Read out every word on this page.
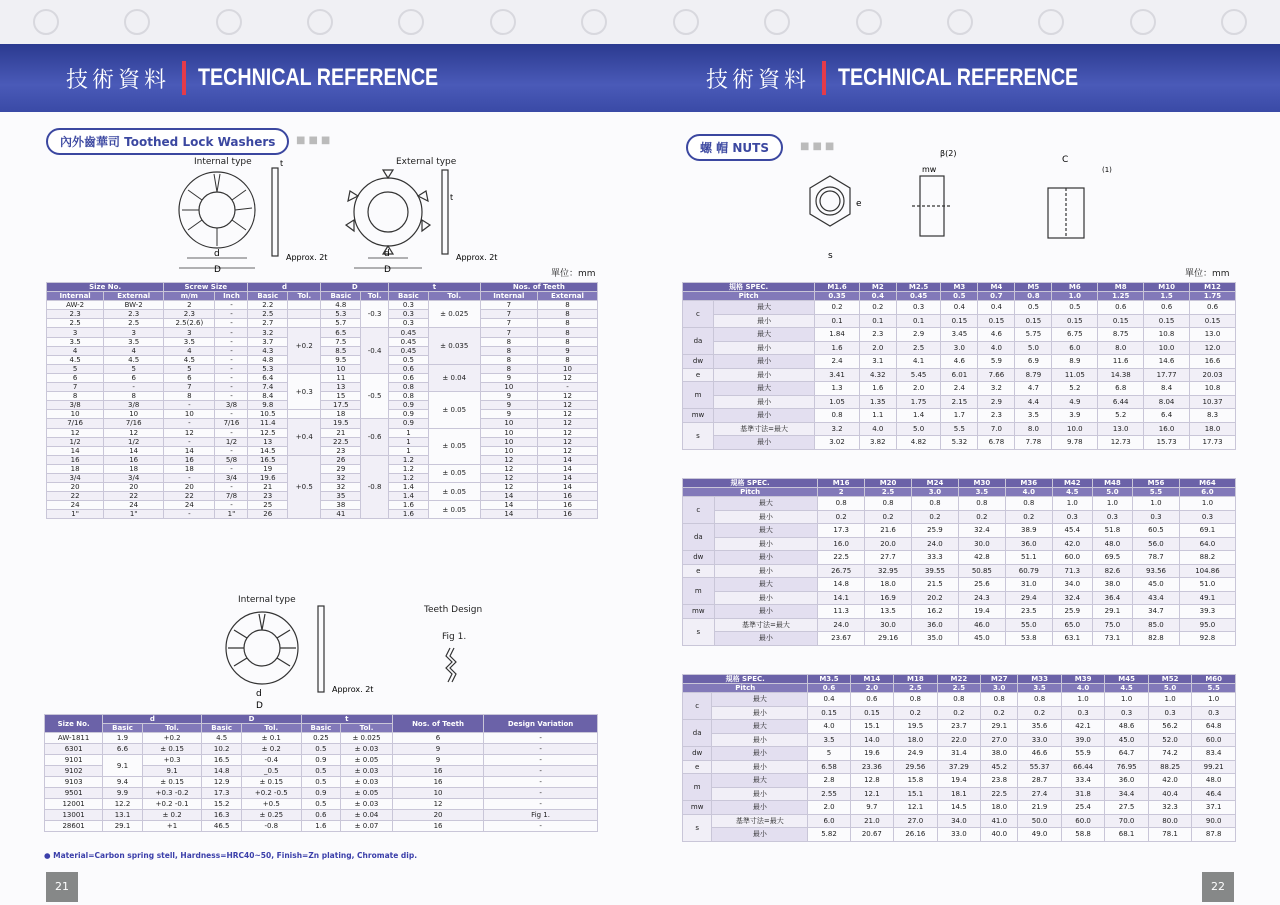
技術資料 TECHNICAL REFERENCE
內外齒華司 Toothed Lock Washers	■■■
Internal type	External type
d
D
d
D
t
t
Approx. 2t	Approx. 2t
單位：mm
Size No.		Screw Size		d		D		t		Nos. of Teeth	
Internal	External	m/m	Inch	Basic	Tol.	Basic	Tol.	Basic	Tol.	Internal	External
AW-2	BW-2	2	-	2.2		4.8	-0.3	0.3	± 0.025	7	8
2.3	2.3	2.3	-	2.5		5.3		0.3		7	8
2.5	2.5	2.5(2.6)	-	2.7		5.7		0.3		7	8
3	3	3	-	3.2	+0.2	6.5	-0.4	0.45	± 0.035	7	8
3.5	3.5	3.5	-	3.7		7.5		0.45		8	8
4	4	4	-	4.3		8.5		0.45		8	9
4.5	4.5	4.5	-	4.8		9.5		0.5		8	8
5	5	5	-	5.3		10		0.6	± 0.04	8	10
6	6	6	-	6.4	+0.3	11	-0.5	0.6		9	12
7	-	7	-	7.4		13		0.8		10	-
8	8	8	-	8.4		15		0.8	± 0.05	9	12
3/8	3/8	-	3/8	9.8		17.5		0.9		9	12
10	10	10	-	10.5		18		0.9		9	12
7/16	7/16	-	7/16	11.4	+0.4	19.5	-0.6	0.9		10	12
12	12	12	-	12.5		21		1	± 0.05	10	12
1/2	1/2	-	1/2	13		22.5		1		10	12
14	14	14	-	14.5		23		1		10	12
16	16	16	5/8	16.5	+0.5	26	-0.8	1.2		12	14
18	18	18	-	19		29		1.2	± 0.05	12	14
3/4	3/4	-	3/4	19.6		32		1.2		12	14
20	20	20	-	21		32		1.4	± 0.05	12	14
22	22	22	7/8	23		35		1.4		14	16
24	24	24	-	25		38		1.6	± 0.05	14	16
1"	1"	-	1"	26		41		1.6		14	16
Internal type
Teeth Design
Fig 1.
d
D
Approx. 2t
Size No.	d		D		t		Nos. of Teeth	Design Variation
	Basic	Tol.	Basic	Tol.	Basic	Tol.		
AW-1811	1.9	+0.2	4.5	± 0.1	0.25	± 0.025	6	-
6301	6.6	± 0.15	10.2	± 0.2	0.5	± 0.03	9	-
9101	9.1	+0.3	16.5	-0.4	0.9	± 0.05	9	-
9102		9.1	14.8	_0.5	0.5	± 0.03	16	-
9103	9.4	± 0.15	12.9	± 0.15	0.5	± 0.03	16	-
9501	9.9	+0.3 -0.2	17.3	+0.2 -0.5	0.9	± 0.05	10	-
12001	12.2	+0.2 -0.1	15.2	+0.5	0.5	± 0.03	12	-
13001	13.1	± 0.2	16.3	± 0.25	0.6	± 0.04	20	Fig 1.
28601	29.1	+1	46.5	-0.8	1.6	± 0.07	16	-
● Material=Carbon spring stell, Hardness=HRC40~50, Finish=Zn plating, Chromate dip.
21
技術資料 TECHNICAL REFERENCE
螺 帽 NUTS	■■■
s
e
mw
β(2)
C
(1)
單位：mm
規格 SPEC.		M1.6	M2	M2.5	M3	M4	M5	M6	M8	M10	M12
Pitch		0.35	0.4	0.45	0.5	0.7	0.8	1.0	1.25	1.5	1.75
c	最大	0.2	0.2	0.3	0.4	0.4	0.5	0.5	0.6	0.6	0.6
	最小	0.1	0.1	0.1	0.15	0.15	0.15	0.15	0.15	0.15	0.15
da	最大	1.84	2.3	2.9	3.45	4.6	5.75	6.75	8.75	10.8	13.0
	最小	1.6	2.0	2.5	3.0	4.0	5.0	6.0	8.0	10.0	12.0
dw	最小	2.4	3.1	4.1	4.6	5.9	6.9	8.9	11.6	14.6	16.6
e	最小	3.41	4.32	5.45	6.01	7.66	8.79	11.05	14.38	17.77	20.03
m	最大	1.3	1.6	2.0	2.4	3.2	4.7	5.2	6.8	8.4	10.8
	最小	1.05	1.35	1.75	2.15	2.9	4.4	4.9	6.44	8.04	10.37
mw	最小	0.8	1.1	1.4	1.7	2.3	3.5	3.9	5.2	6.4	8.3
s	基準寸法=最大	3.2	4.0	5.0	5.5	7.0	8.0	10.0	13.0	16.0	18.0
	最小	3.02	3.82	4.82	5.32	6.78	7.78	9.78	12.73	15.73	17.73
規格 SPEC.		M16	M20	M24	M30	M36	M42	M48	M56	M64
Pitch		2	2.5	3.0	3.5	4.0	4.5	5.0	5.5	6.0
c	最大	0.8	0.8	0.8	0.8	0.8	1.0	1.0	1.0	1.0
	最小	0.2	0.2	0.2	0.2	0.2	0.3	0.3	0.3	0.3
da	最大	17.3	21.6	25.9	32.4	38.9	45.4	51.8	60.5	69.1
	最小	16.0	20.0	24.0	30.0	36.0	42.0	48.0	56.0	64.0
dw	最小	22.5	27.7	33.3	42.8	51.1	60.0	69.5	78.7	88.2
e	最小	26.75	32.95	39.55	50.85	60.79	71.3	82.6	93.56	104.86
m	最大	14.8	18.0	21.5	25.6	31.0	34.0	38.0	45.0	51.0
	最小	14.1	16.9	20.2	24.3	29.4	32.4	36.4	43.4	49.1
mw	最小	11.3	13.5	16.2	19.4	23.5	25.9	29.1	34.7	39.3
s	基準寸法=最大	24.0	30.0	36.0	46.0	55.0	65.0	75.0	85.0	95.0
	最小	23.67	29.16	35.0	45.0	53.8	63.1	73.1	82.8	92.8
規格 SPEC.		M3.5	M14	M18	M22	M27	M33	M39	M45	M52	M60
Pitch		0.6	2.0	2.5	2.5	3.0	3.5	4.0	4.5	5.0	5.5
c	最大	0.4	0.6	0.8	0.8	0.8	0.8	1.0	1.0	1.0	1.0
	最小	0.15	0.15	0.2	0.2	0.2	0.2	0.3	0.3	0.3	0.3
da	最大	4.0	15.1	19.5	23.7	29.1	35.6	42.1	48.6	56.2	64.8
	最小	3.5	14.0	18.0	22.0	27.0	33.0	39.0	45.0	52.0	60.0
dw	最小	5	19.6	24.9	31.4	38.0	46.6	55.9	64.7	74.2	83.4
e	最小	6.58	23.36	29.56	37.29	45.2	55.37	66.44	76.95	88.25	99.21
m	最大	2.8	12.8	15.8	19.4	23.8	28.7	33.4	36.0	42.0	48.0
	最小	2.55	12.1	15.1	18.1	22.5	27.4	31.8	34.4	40.4	46.4
mw	最小	2.0	9.7	12.1	14.5	18.0	21.9	25.4	27.5	32.3	37.1
s	基準寸法=最大	6.0	21.0	27.0	34.0	41.0	50.0	60.0	70.0	80.0	90.0
	最小	5.82	20.67	26.16	33.0	40.0	49.0	58.8	68.1	78.1	87.8
22
